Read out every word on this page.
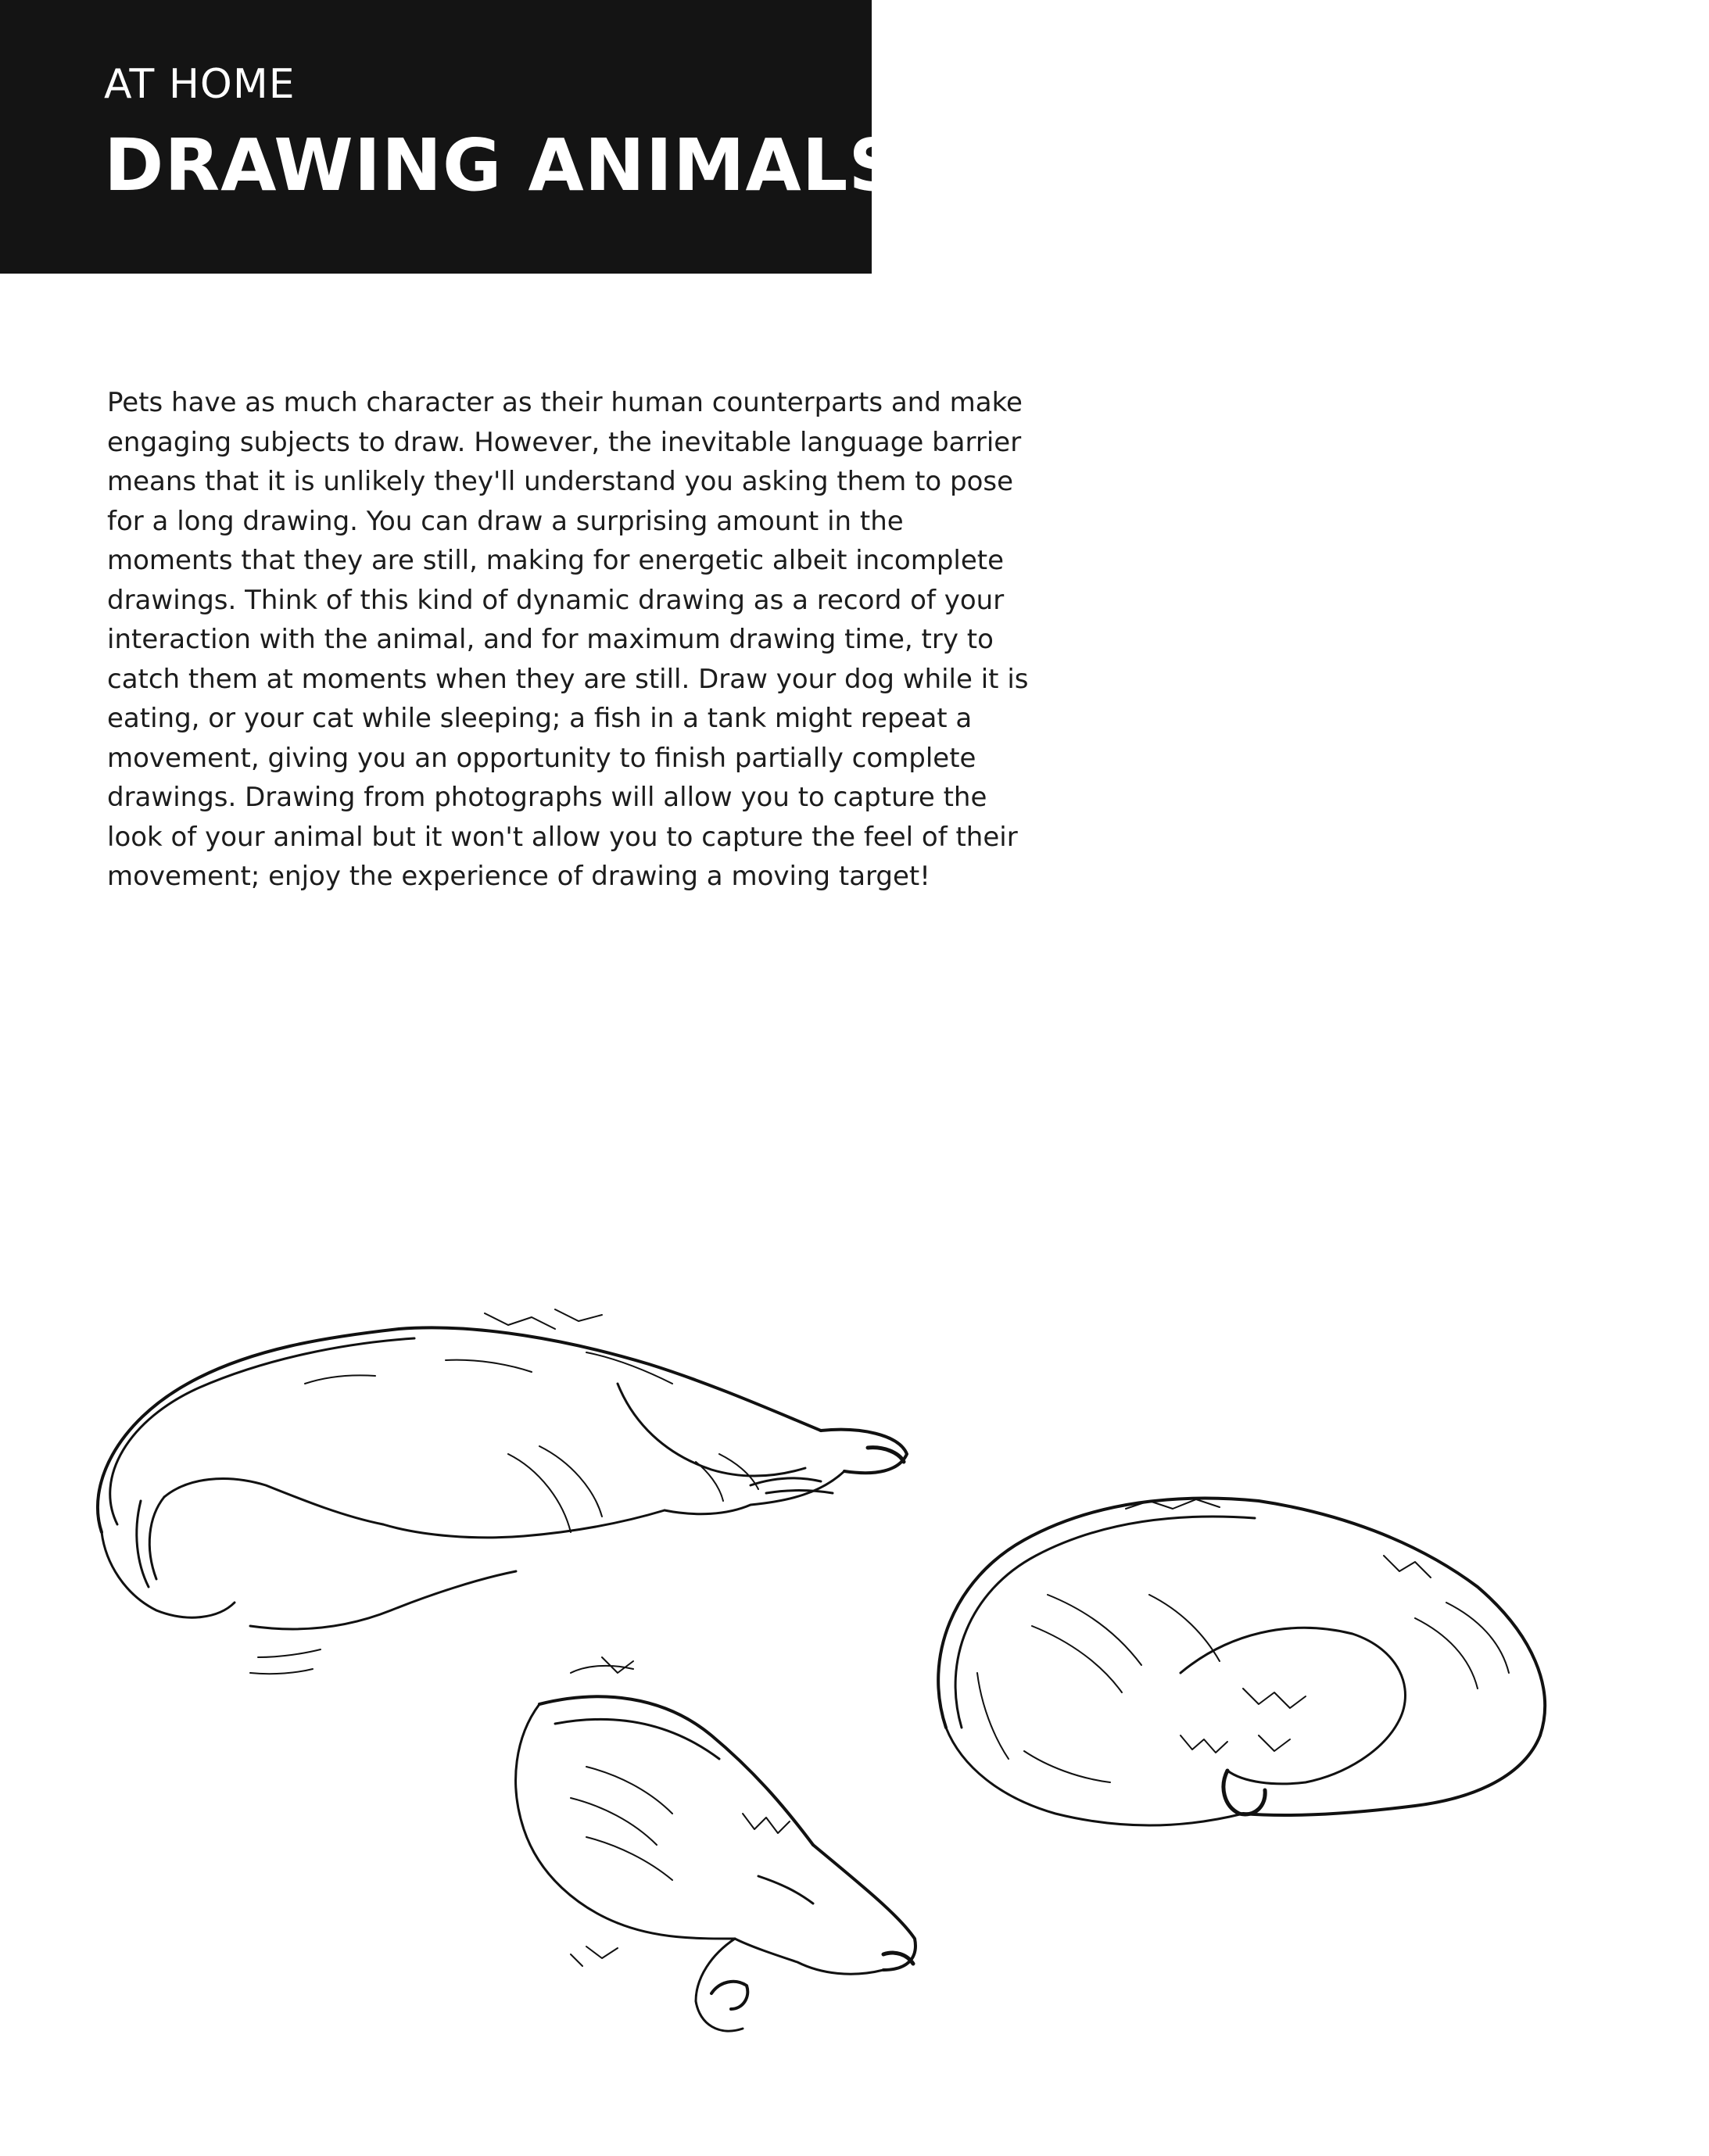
AT HOME
DRAWING ANIMALS

Pets have as much character as their human counterparts and make engaging subjects to draw. However, the inevitable language barrier means that it is unlikely they'll understand you asking them to pose for a long drawing. You can draw a surprising amount in the moments that they are still, making for energetic albeit incomplete drawings. Think of this kind of dynamic drawing as a record of your interaction with the animal, and for maximum drawing time, try to catch them at moments when they are still. Draw your dog while it is eating, or your cat while sleeping; a fish in a tank might repeat a movement, giving you an opportunity to finish partially complete drawings. Drawing from photographs will allow you to capture the look of your animal but it won't allow you to capture the feel of their movement; enjoy the experience of drawing a moving target!
